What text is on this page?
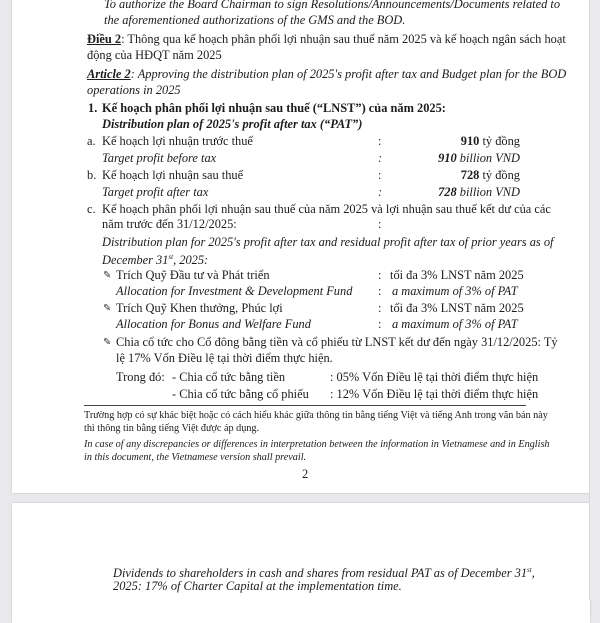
To authorize the Board Chairman to sign Resolutions/Announcements/Documents related to
the aforementioned authorizations of the GMS and the BOD.
Điều 2: Thông qua kế hoạch phân phối lợi nhuận sau thuế năm 2025 và kế hoạch ngân sách hoạt
động của HĐQT năm 2025
Article 2: Approving the distribution plan of 2025's profit after tax and Budget plan for the BOD
operations in 2025
1. Kế hoạch phân phối lợi nhuận sau thuế (“LNST”) của năm 2025:
Distribution plan of 2025's profit after tax (“PAT”)
a. Kế hoạch lợi nhuận trước thuế	:	910 tỷ đồng
Target profit before tax	:	910 billion VND
b. Kế hoạch lợi nhuận sau thuế	:	728 tỷ đồng
Target profit after tax	:	728 billion VND
c. Kế hoạch phân phối lợi nhuận sau thuế của năm 2025 và lợi nhuận sau thuế kết dư của các
năm trước đến 31/12/2025:	:
Distribution plan for 2025's profit after tax and residual profit after tax of prior years as of
December 31st, 2025:
✎ Trích Quỹ Đầu tư và Phát triển	: tối đa 3% LNST năm 2025
Allocation for Investment & Development Fund : a maximum of 3% of PAT
✎ Trích Quỹ Khen thưởng, Phúc lợi	: tối đa 3% LNST năm 2025
Allocation for Bonus and Welfare Fund	: a maximum of 3% of PAT
✎ Chia cổ tức cho Cổ đông bằng tiền và cổ phiếu từ LNST kết dư đến ngày 31/12/2025: Tỷ
lệ 17% Vốn Điều lệ tại thời điểm thực hiện.
Trong đó: - Chia cổ tức bằng tiền	: 05% Vốn Điều lệ tại thời điểm thực hiện
- Chia cổ tức bằng cổ phiếu : 12% Vốn Điều lệ tại thời điểm thực hiện
Trường hợp có sự khác biệt hoặc có cách hiểu khác giữa thông tin bằng tiếng Việt và tiếng Anh trong văn bản này
thì thông tin bằng tiếng Việt được áp dụng.
In case of any discrepancies or differences in interpretation between the information in Vietnamese and in English
in this document, the Vietnamese version shall prevail.
2
Dividends to shareholders in cash and shares from residual PAT as of December 31st,
2025: 17% of Charter Capital at the implementation time.
